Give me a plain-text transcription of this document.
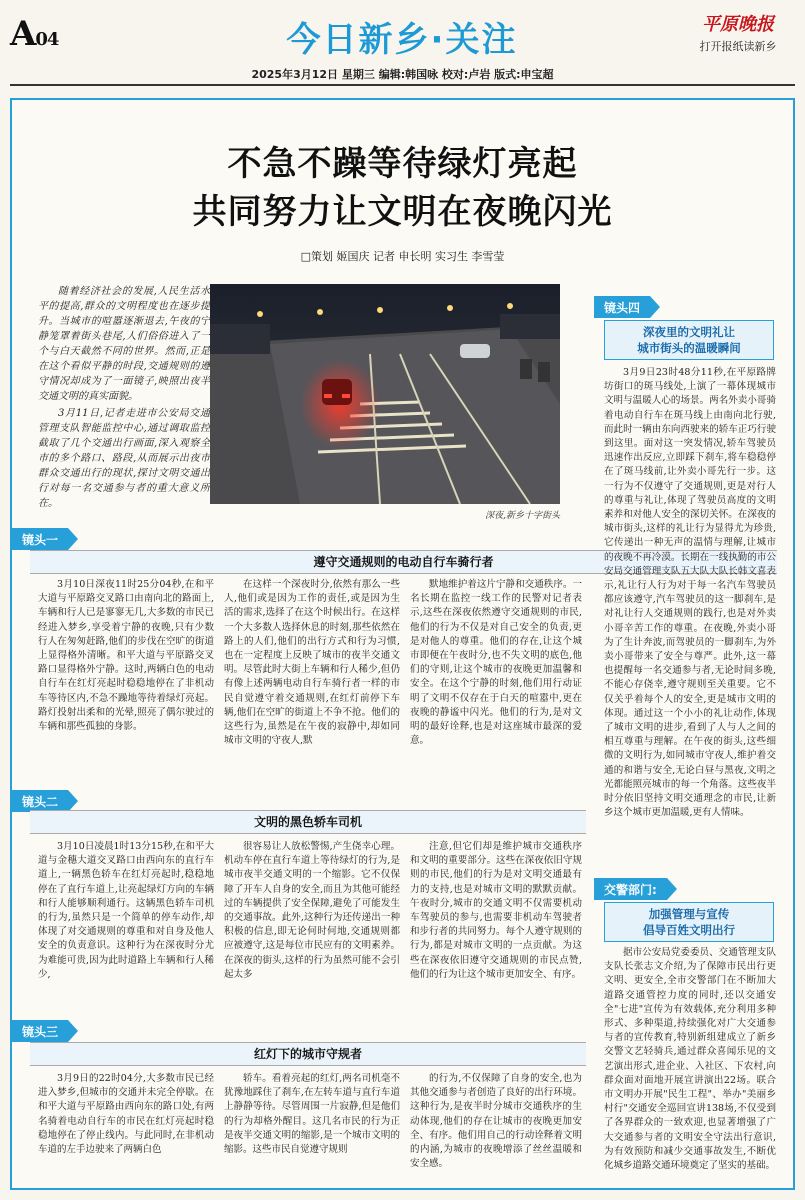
A04	今日新乡·关注	平原晚报
打开报纸读新乡
2025年3月12日 星期三 编辑:韩国咏 校对:卢岩 版式:申宝超
不急不躁等待绿灯亮起
共同努力让文明在夜晚闪光
□策划 姬国庆 记者 申长明 实习生 李雪莹

随着经济社会的发展,人民生活水平的提高,群众的文明程度也在逐步提升。当城市的喧嚣逐渐退去,午夜的宁静笼罩着街头巷尾,人们俗俗进入了一个与白天截然不同的世界。然而,正是在这个看似平静的时段,交通规则的遵守情况却成为了一面镜子,映照出夜半交通文明的真实面貌。

3月11日,记者走进市公安局交通管理支队智能监控中心,通过调取监控截取了几个交通出行画面,深入观察全市的多个路口、路段,从而展示出夜市群众交通出行的现状,探讨文明交通出行对每一名交通参与者的重大意义所在。

深夜,新乡十字街头
镜头一
遵守交通规则的电动自行车骑行者

3月10日深夜11时25分04秒,在和平大道与平原路交叉路口由南向北的路面上,车辆和行人已是寥寥无几,大多数的市民已经进入梦乡,享受着宁静的夜晚,只有少数行人在匆匆赶路,他们的步伐在空旷的街道上显得格外清晰。和平大道与平原路交叉路口显得格外宁静。这时,两辆白色的电动自行车在红灯亮起时稳稳地停在了非机动车等待区内,不急不躁地等待着绿灯亮起。路灯投射出柔和的光晕,照亮了偶尔驶过的车辆和那些孤独的身影。

在这样一个深夜时分,依然有那么一些人,他们或是因为工作的责任,或是因为生活的需求,选择了在这个时候出行。在这样一个大多数人选择休息的时刻,那些依然在路上的人们,他们的出行方式和行为习惯,也在一定程度上反映了城市的夜半交通文明。尽管此时大街上车辆和行人稀少,但仍有像上述两辆电动自行车骑行者一样的市民自觉遵守着交通规则,在红灯前停下车辆,他们在空旷的街道上不争不抢。他们的这些行为,虽然是在午夜的寂静中,却如同城市文明的守夜人,默

默地维护着这片宁静和交通秩序。一名长期在监控一线工作的民警对记者表示,这些在深夜依然遵守交通规则的市民,他们的行为不仅是对自己安全的负责,更是对他人的尊重。他们的存在,让这个城市即便在午夜时分,也不失文明的底色,他们的守则,让这个城市的夜晚更加温馨和安全。在这个宁静的时刻,他们用行动证明了文明不仅存在于白天的喧嚣中,更在夜晚的静谧中闪光。他们的行为,是对文明的最好诠释,也是对这座城市最深的爱意。

镜头二
文明的黑色轿车司机

3月10日凌晨1时13分15秒,在和平大道与金穗大道交叉路口由西向东的直行车道上,一辆黑色轿车在红灯亮起时,稳稳地停在了直行车道上,让亮起绿灯方向的车辆和行人能够顺利通行。这辆黑色轿车司机的行为,虽然只是一个简单的停车动作,却体现了对交通规则的尊重和对自身及他人安全的负责意识。这种行为在深夜时分尤为难能可贵,因为此时道路上车辆和行人稀少,

很容易让人放松警惕,产生侥幸心理。机动车停在直行车道上等待绿灯的行为,是城市夜半交通文明的一个缩影。它不仅保障了开车人自身的安全,而且为其他可能经过的车辆提供了安全保障,避免了可能发生的交通事故。此外,这种行为还传递出一种积极的信息,即无论何时何地,交通规则都应被遵守,这是每位市民应有的文明素养。在深夜的街头,这样的行为虽然可能不会引起太多

注意,但它们却是维护城市交通秩序和文明的重要部分。这些在深夜依旧守规则的市民,他们的行为是对文明交通最有力的支持,也是对城市文明的默默贡献。午夜时分,城市的交通文明不仅需要机动车驾驶员的参与,也需要非机动车驾驶者和步行者的共同努力。每个人遵守规则的行为,都是对城市文明的一点贡献。为这些在深夜依旧遵守交通规则的市民点赞,他们的行为让这个城市更加安全、有序。

镜头三
红灯下的城市守规者

3月9日的22时04分,大多数市民已经进入梦乡,但城市的交通并未完全停歇。在和平大道与平原路由西向东的路口处,有两名骑着电动自行车的市民在红灯亮起时稳稳地停在了停止线内。与此同时,在非机动车道的左手边驶来了两辆白色

轿车。看着亮起的红灯,两名司机毫不犹豫地踩住了刹车,在左转车道与直行车道上静静等待。尽管周围一片寂静,但是他们的行为却格外醒目。这几名市民的行为正是夜半交通文明的缩影,是一个城市文明的缩影。这些市民自觉遵守规则

的行为,不仅保障了自身的安全,也为其他交通参与者创造了良好的出行环境。这种行为,是夜半时分城市交通秩序的生动体现,他们的存在让城市的夜晚更加安全、有序。他们用自己的行动诠释着文明的内涵,为城市的夜晚增添了丝丝温暖和安全感。

镜头四
深夜里的文明礼让
城市街头的温暖瞬间

3月9日23时48分11秒,在平原路牌坊街口的斑马线处,上演了一幕体现城市文明与温暖人心的场景。两名外卖小哥骑着电动自行车在斑马线上由南向北行驶,而此时一辆由东向西驶来的轿车正巧行驶到这里。面对这一突发情况,轿车驾驶员迅速作出反应,立即踩下刹车,将车稳稳停在了斑马线前,让外卖小哥先行一步。这一行为不仅遵守了交通规则,更是对行人的尊重与礼让,体现了驾驶员高度的文明素养和对他人安全的深切关怀。在深夜的城市街头,这样的礼让行为显得尤为珍贵,它传递出一种无声的温情与理解,让城市的夜晚不再冷漠。长期在一线执勤的市公安局交通管理支队五大队大队长韩文喜表示,礼让行人行为对于每一名汽车驾驶员都应该遵守,汽车驾驶员的这一脚刹车,是对礼让行人交通规则的践行,也是对外卖小哥辛苦工作的尊重。在夜晚,外卖小哥为了生计奔波,而驾驶员的一脚刹车,为外卖小哥带来了安全与尊严。此外,这一幕也提醒每一名交通参与者,无论时间多晚,不能心存侥幸,遵守规则至关重要。它不仅关乎着每个人的安全,更是城市文明的体现。通过这一个小小的礼让动作,体现了城市文明的进步,看到了人与人之间的相互尊重与理解。在午夜的街头,这些细微的文明行为,如同城市守夜人,维护着交通的和谐与安全,无论白昼与黑夜,文明之光都能照亮城市的每一个角落。这些夜半时分依旧坚持文明交通理念的市民,让新乡这个城市更加温暖,更有人情味。

交警部门:
加强管理与宣传
倡导百姓文明出行

据市公安局党委委员、交通管理支队支队长张志文介绍,为了保障市民出行更文明、更安全,全市交警部门在不断加大道路交通管控力度的同时,还以交通安全"七进"宣传为有效载体,充分利用多种形式、多种渠道,持续强化对广大交通参与者的宣传教育,特别新组建成立了新乡交警文艺轻骑兵,通过群众喜闻乐见的文艺演出形式,进企业、入社区、下农村,向群众面对面地开展宣讲演出22场。联合市文明办开展"民生工程"、举办"美丽乡村行"交通安全巡回宣讲138场,不仅受到了各界群众的一致欢迎,也显著增强了广大交通参与者的文明安全守法出行意识,为有效预防和减少交通事故发生,不断优化城乡道路交通环境奠定了坚实的基础。
